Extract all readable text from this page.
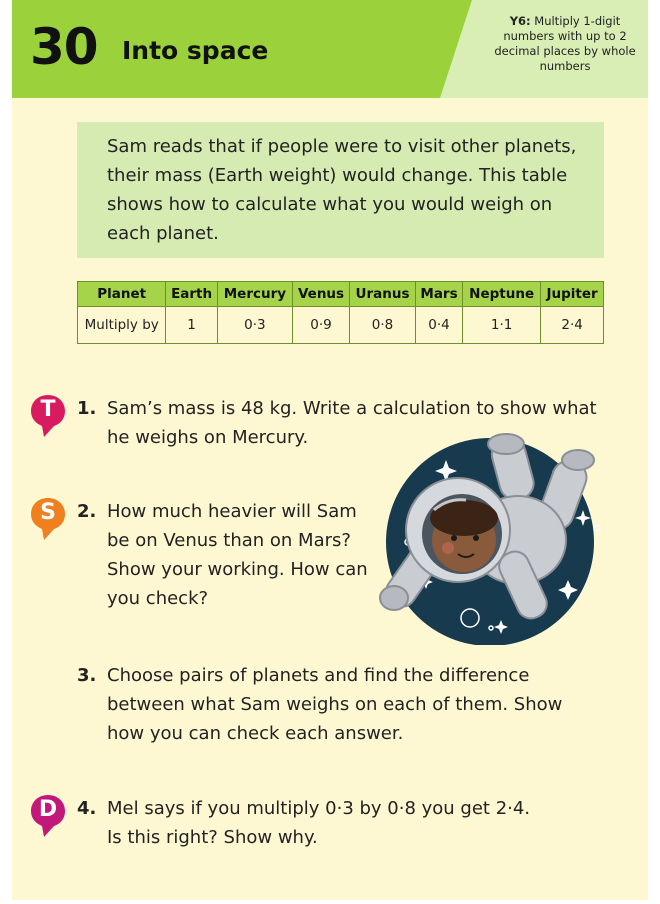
30 Into space
Y6: Multiply 1-digit numbers with up to 2 decimal places by whole numbers
Sam reads that if people were to visit other planets, their mass (Earth weight) would change. This table shows how to calculate what you would weigh on each planet.
Planet	Earth	Mercury	Venus	Uranus	Mars	Neptune	Jupiter
Multiply by	1	0·3	0·9	0·8	0·4	1·1	2·4
T	1. Sam’s mass is 48 kg. Write a calculation to show what he weighs on Mercury.
S	2. How much heavier will Sam be on Venus than on Mars? Show your working. How can you check?
3. Choose pairs of planets and find the difference between what Sam weighs on each of them. Show how you can check each answer.
D	4. Mel says if you multiply 0·3 by 0·8 you get 2·4. Is this right? Show why.
